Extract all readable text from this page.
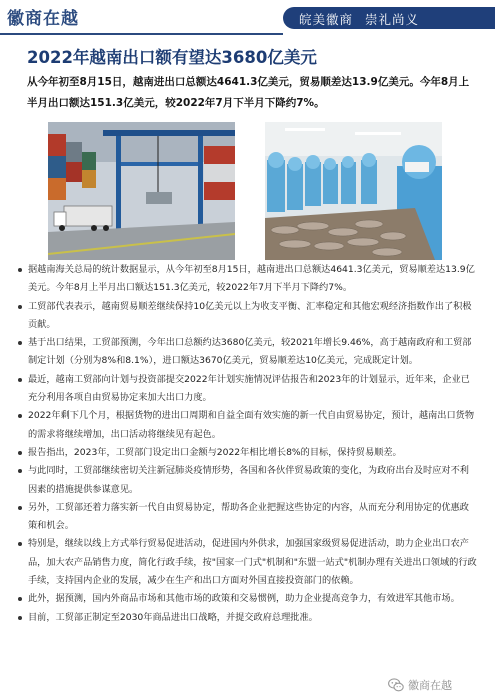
徽商在越	皖美徽商 崇礼尚义
2022年越南出口额有望达3680亿美元
从今年初至8月15日，越南进出口总额达4641.3亿美元，贸易顺差达13.9亿美元。今年8月上半月出口额达151.3亿美元，较2022年7月下半月下降约7%。
据越南海关总局的统计数据显示，从今年初至8月15日，越南进出口总额达4641.3亿美元，贸易顺差达13.9亿美元。今年8月上半月出口额达151.3亿美元，较2022年7月下半月下降约7%。
工贸部代表表示，越南贸易顺差继续保持10亿美元以上为收支平衡、汇率稳定和其他宏观经济指数作出了积极贡献。
基于出口结果，工贸部预测，今年出口总额约达3680亿美元，较2021年增长9.46%，高于越南政府和工贸部制定计划（分别为8%和8.1%），进口额达3670亿美元，贸易顺差达10亿美元，完成既定计划。
最近，越南工贸部向计划与投资部提交2022年计划实施情况评估报告和2023年的计划显示，近年来，企业已充分利用各项自由贸易协定来加大出口力度。
2022年剩下几个月，根据货物的进出口周期和自益全面有效实施的新一代自由贸易协定，预计，越南出口货物的需求将继续增加，出口活动将继续见有起色。
报告指出，2023年，工贸部门设定出口金额与2022年相比增长8%的目标，保持贸易顺差。
与此同时，工贸部继续密切关注新冠肺炎疫情形势，各国和各伙伴贸易政策的变化，为政府出台及时应对不利因素的措施提供参谋意见。
另外，工贸部还着力落实新一代自由贸易协定，帮助各企业把握这些协定的内容，从而充分利用协定的优惠政策和机会。
特别是，继续以线上方式举行贸易促进活动，促进国内外供求，加强国家级贸易促进活动，助力企业出口农产品，加大农产品销售力度，简化行政手续，按"国家一门式"机制和"东盟一站式"机制办理有关进出口领域的行政手续，支持国内企业的发展，减少在生产和出口方面对外国直接投资部门的依赖。
此外，据预测，国内外商品市场和其他市场的政策和交易惯例，助力企业提高竞争力，有效进军其他市场。
目前，工贸部正制定至2030年商品进出口战略，并提交政府总理批准。
徽商在越
